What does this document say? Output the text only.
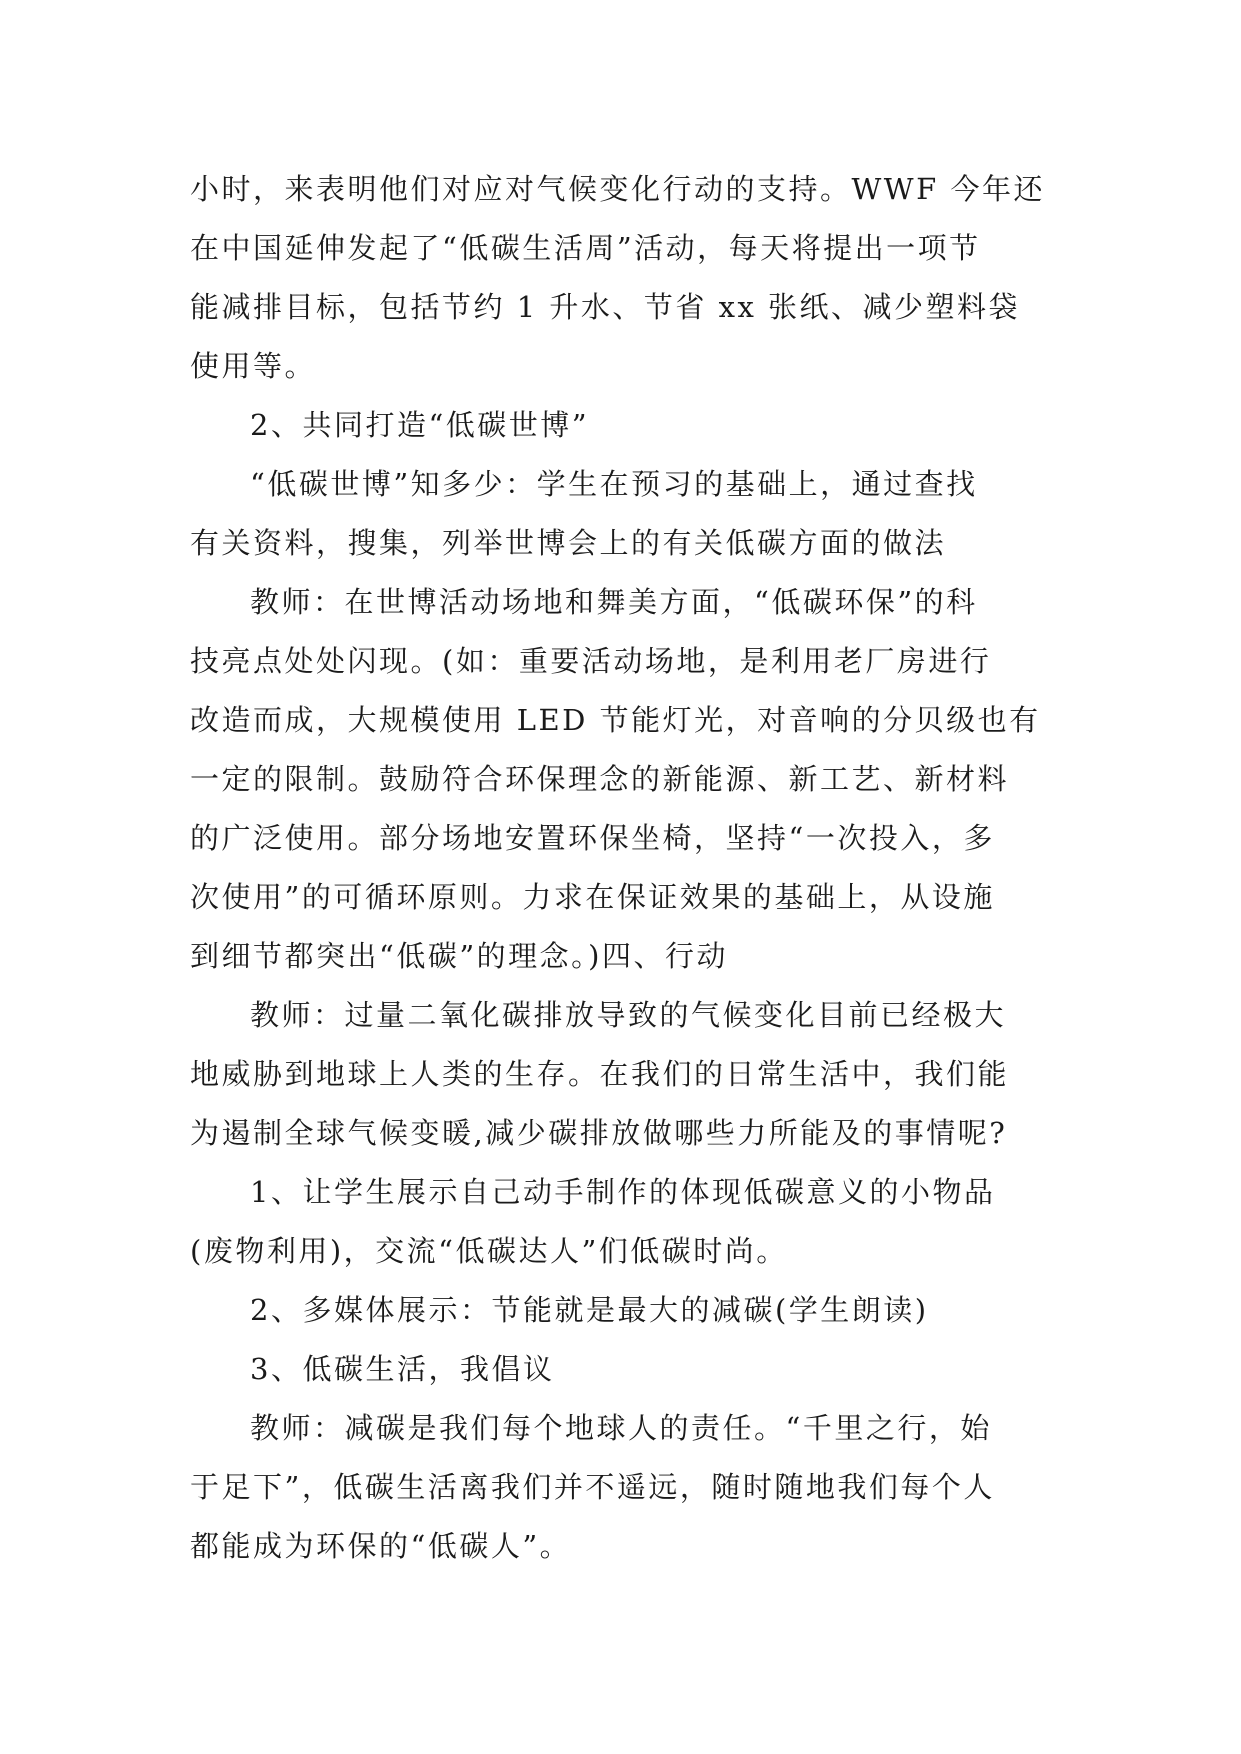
小时，来表明他们对应对气候变化行动的支持。WWF 今年还
在中国延伸发起了“低碳生活周”活动，每天将提出一项节
能减排目标，包括节约 1 升水、节省 xx 张纸、减少塑料袋
使用等。
2、共同打造“低碳世博”
“低碳世博”知多少：学生在预习的基础上，通过查找
有关资料，搜集，列举世博会上的有关低碳方面的做法
教师：在世博活动场地和舞美方面，“低碳环保”的科
技亮点处处闪现。(如：重要活动场地，是利用老厂房进行
改造而成，大规模使用 LED 节能灯光，对音响的分贝级也有
一定的限制。鼓励符合环保理念的新能源、新工艺、新材料
的广泛使用。部分场地安置环保坐椅，坚持“一次投入，多
次使用”的可循环原则。力求在保证效果的基础上，从设施
到细节都突出“低碳”的理念。)四、行动
教师：过量二氧化碳排放导致的气候变化目前已经极大
地威胁到地球上人类的生存。在我们的日常生活中，我们能
为遏制全球气候变暖,减少碳排放做哪些力所能及的事情呢?
1、让学生展示自己动手制作的体现低碳意义的小物品
(废物利用)，交流“低碳达人”们低碳时尚。
2、多媒体展示：节能就是最大的减碳(学生朗读)
3、低碳生活，我倡议
教师：减碳是我们每个地球人的责任。“千里之行，始
于足下”，低碳生活离我们并不遥远，随时随地我们每个人
都能成为环保的“低碳人”。
